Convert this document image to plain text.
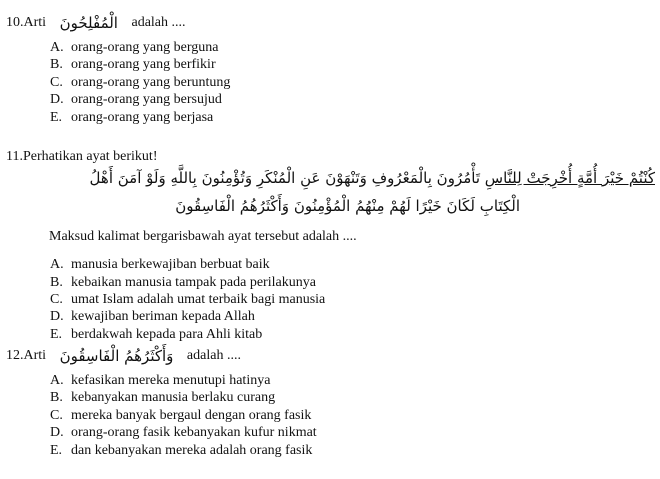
10.Arti الْمُفْلِحُونَ adalah ....
A. orang-orang yang berguna
B. orang-orang yang berfikir
C. orang-orang yang beruntung
D. orang-orang yang bersujud
E. orang-orang yang berjasa
11.Perhatikan ayat berikut!
كُنْتُمْ خَيْرَ أُمَّةٍ أُخْرِجَتْ لِلنَّاسِ تَأْمُرُونَ بِالْمَعْرُوفِ وَتَنْهَوْنَ عَنِ الْمُنْكَرِ وَتُؤْمِنُونَ بِاللَّهِ وَلَوْ آمَنَ أَهْلُ
الْكِتَابِ لَكَانَ خَيْرًا لَهُمْ مِنْهُمُ الْمُؤْمِنُونَ وَأَكْثَرُهُمُ الْفَاسِقُونَ
Maksud kalimat bergarisbawah ayat tersebut adalah ....
A. manusia berkewajiban berbuat baik
B. kebaikan manusia tampak pada perilakunya
C. umat Islam adalah umat terbaik bagi manusia
D. kewajiban beriman kepada Allah
E. berdakwah kepada para Ahli kitab
12.Arti وَأَكْثَرُهُمُ الْفَاسِقُونَ adalah ....
A. kefasikan mereka menutupi hatinya
B. kebanyakan manusia berlaku curang
C. mereka banyak bergaul dengan orang fasik
D. orang-orang fasik kebanyakan kufur nikmat
E. dan kebanyakan mereka adalah orang fasik
